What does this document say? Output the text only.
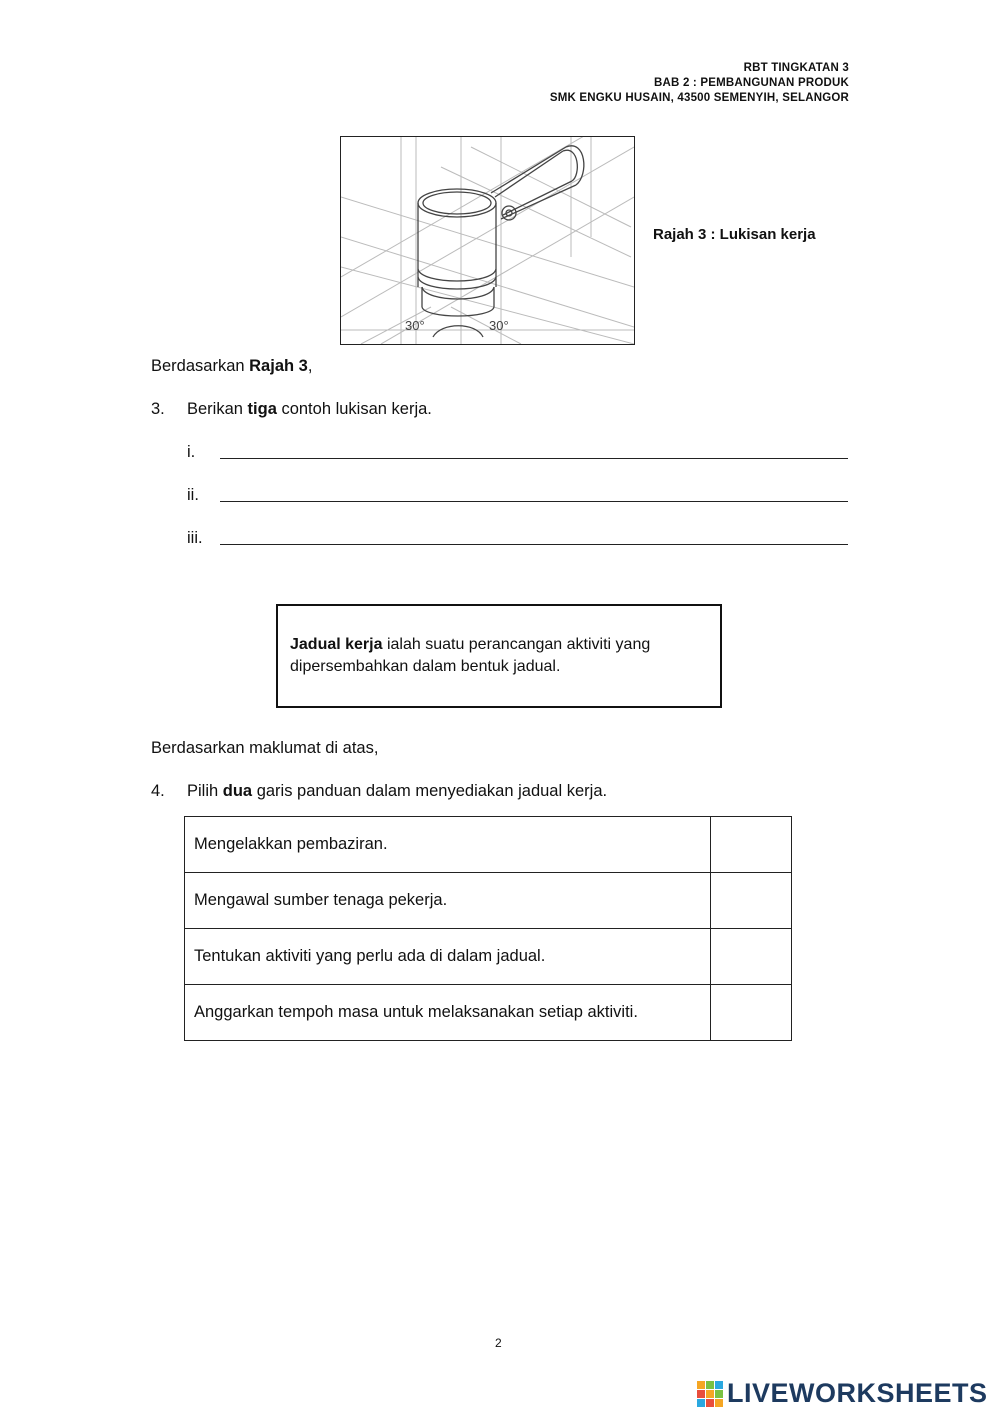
RBT TINGKATAN 3
BAB 2 : PEMBANGUNAN PRODUK
SMK ENGKU HUSAIN, 43500 SEMENYIH, SELANGOR
30°	30°
Rajah 3 : Lukisan kerja
Berdasarkan Rajah 3,
3. Berikan tiga contoh lukisan kerja.
i.
ii.
iii.
Jadual kerja ialah suatu perancangan aktiviti yang
dipersembahkan dalam bentuk jadual.
Berdasarkan maklumat di atas,
4. Pilih dua garis panduan dalam menyediakan jadual kerja.
Mengelakkan pembaziran.	
Mengawal sumber tenaga pekerja.	
Tentukan aktiviti yang perlu ada di dalam jadual.	
Anggarkan tempoh masa untuk melaksanakan setiap aktiviti.	
2
LIVEWORKSHEETS
